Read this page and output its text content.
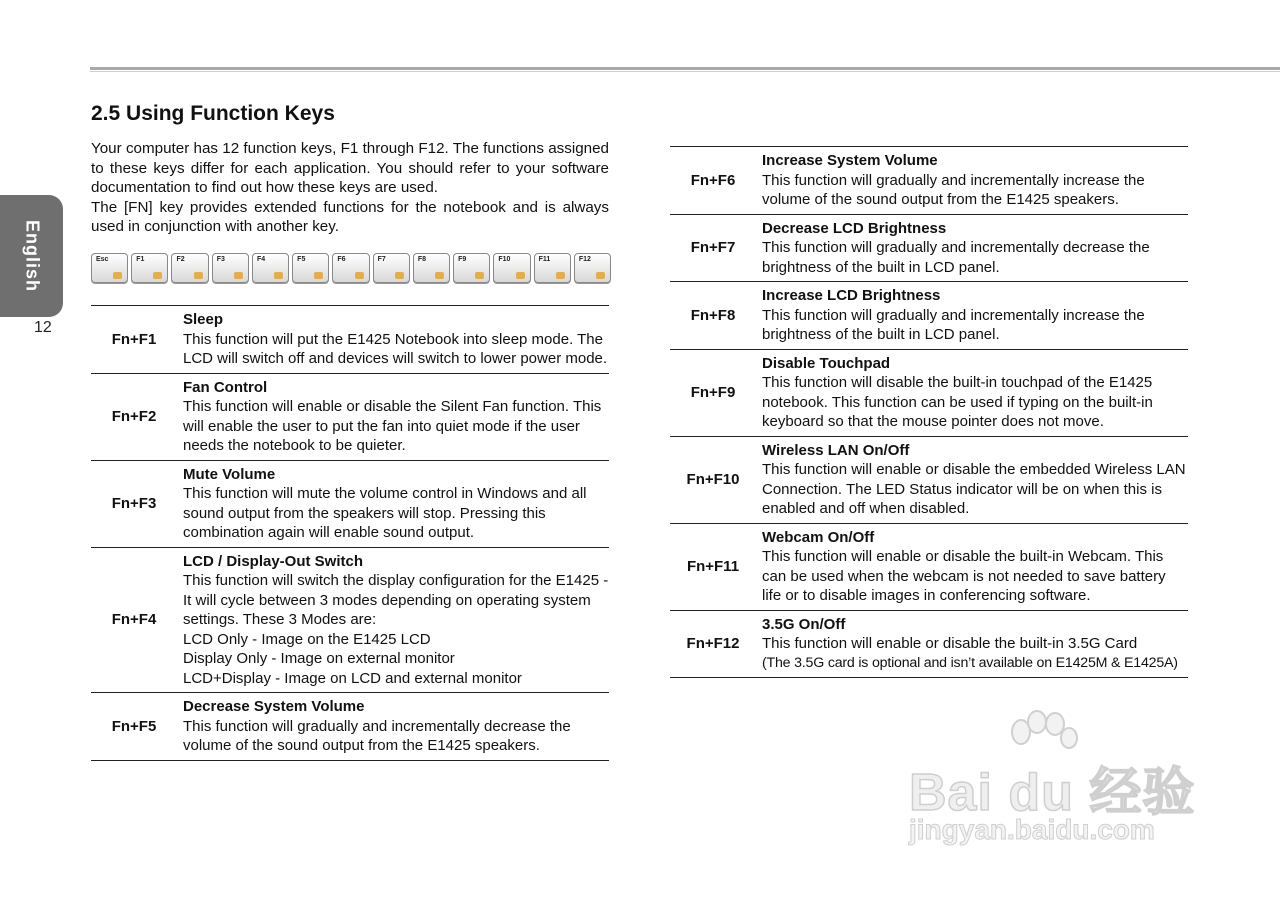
English
12
2.5 Using Function Keys

Your computer has 12 function keys, F1 through F12. The functions assigned to these keys differ for each application. You should refer to your software documentation to find out how these keys are used.

The [FN] key provides extended functions for the notebook and is always used in conjunction with another key.

Esc	F1	F2	F3	F4	F5	F6	F7	F8	F9	F10	F11	F12
Fn+F1	Sleep
This function will put the E1425 Notebook into sleep mode. The LCD will switch off and devices will switch to lower power mode.

Fn+F2	Fan Control
This function will enable or disable the Silent Fan function. This will enable the user to put the fan into quiet mode if the user needs the notebook to be quieter.

Fn+F3	Mute Volume
This function will mute the volume control in Windows and all sound output from the speakers will stop. Pressing this combination again will enable sound output.

Fn+F4	LCD / Display-Out Switch
This function will switch the display configuration for the E1425 - It will cycle between 3 modes depending on operating system settings. These 3 Modes are:
LCD Only - Image on the E1425 LCD
Display Only - Image on external monitor
LCD+Display - Image on LCD and external monitor

Fn+F5	Decrease System Volume
This function will gradually and incrementally decrease the volume of the sound output from the E1425 speakers.
Fn+F6	Increase System Volume
This function will gradually and incrementally increase the volume of the sound output from the E1425 speakers.

Fn+F7	Decrease LCD Brightness
This function will gradually and incrementally decrease the brightness of the built in LCD panel.

Fn+F8	Increase LCD Brightness
This function will gradually and incrementally increase the brightness of the built in LCD panel.

Fn+F9	Disable Touchpad
This function will disable the built-in touchpad of the E1425 notebook. This function can be used if typing on the built-in keyboard so that the mouse pointer does not move.

Fn+F10	Wireless LAN On/Off
This function will enable or disable the embedded Wireless LAN Connection. The LED Status indicator will be on when this is enabled and off when disabled.

Fn+F11	Webcam On/Off
This function will enable or disable the built-in Webcam. This can be used when the webcam is not needed to save battery life or to disable images in conferencing software.

Fn+F12	3.5G On/Off
This function will enable or disable the built-in 3.5G Card
(The 3.5G card is optional and isn’t available on E1425M & E1425A)
Bai du 经验
jingyan.baidu.com
